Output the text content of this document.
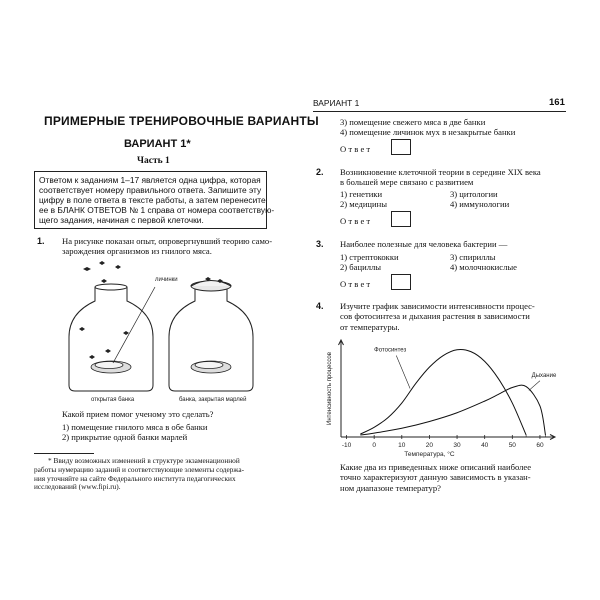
ПРИМЕРНЫЕ ТРЕНИРОВОЧНЫЕ ВАРИАНТЫ
ВАРИАНТ 1*
Часть 1
Ответом к заданиям 1–17 является одна цифра, которая
соответствует номеру правильного ответа. Запишите эту
цифру в поле ответа в тексте работы, а затем перенесите
ее в БЛАНК ОТВЕТОВ № 1 справа от номера соответствую-
щего задания, начиная с первой клеточки.
1. На рисунке показан опыт, опровергнувший теорию само-
зарождения организмов из гнилого мяса.
личинки
открытая банка	банка, закрытая марлей
Какой прием помог ученому это сделать?
1) помещение гнилого мяса в обе банки
2) прикрытие одной банки марлей
* Ввиду возможных изменений в структуре экзаменационной
работы нумерацию заданий и соответствующие элементы содержа-
ния уточняйте на сайте Федерального института педагогических
исследований (www.fipi.ru).
ВАРИАНТ 1	161
3) помещение свежего мяса в две банки
4) помещение личинок мух в незакрытые банки
О т в е т
2. Возникновение клеточной теории в середине XIX века
в большей мере связано с развитием
1) генетики	3) цитологии
2) медицины	4) иммунологии
О т в е т
3. Наиболее полезные для человека бактерии —
1) стрептококки	3) спириллы
2) бациллы	4) молочнокислые
О т в е т
4. Изучите график зависимости интенсивности процес-
сов фотосинтеза и дыхания растения в зависимости
от температуры.
-10	0	10	20	30	40	50	60
Интенсивность процессов
Температура, °С
Фотосинтез
Дыхание
Какие два из приведенных ниже описаний наиболее
точно характеризуют данную зависимость в указан-
ном диапазоне температур?
